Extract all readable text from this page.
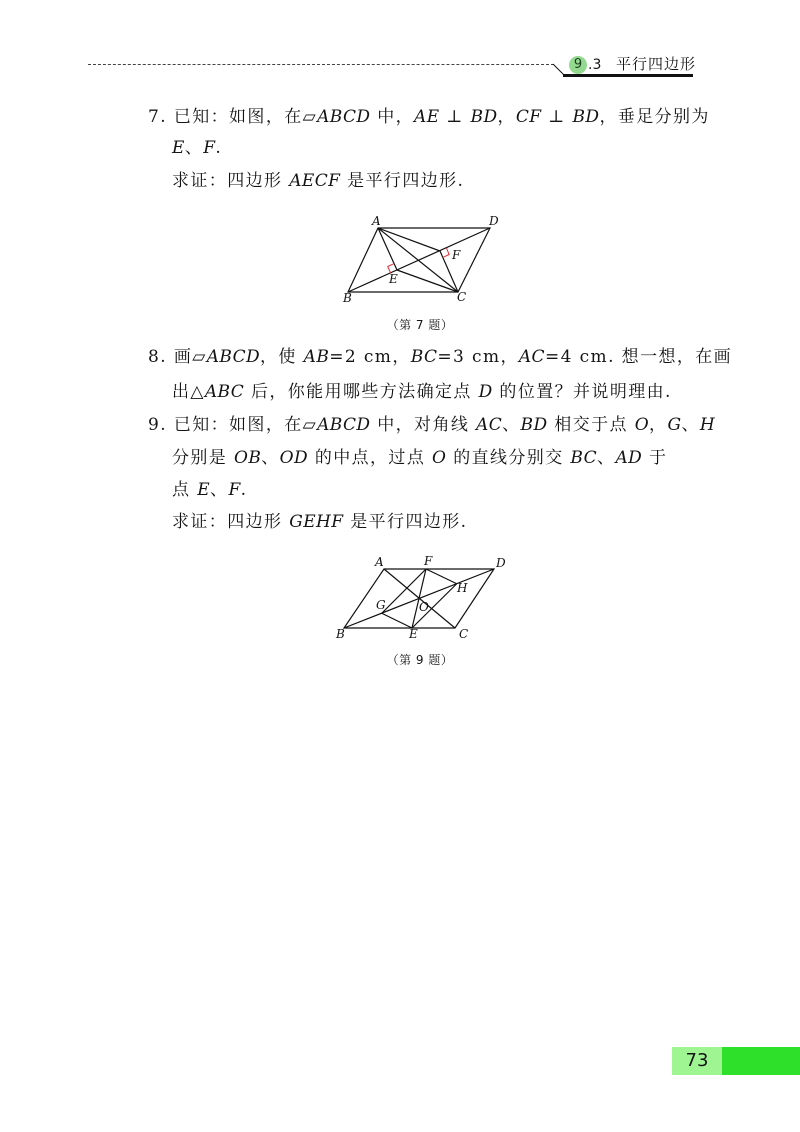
9 .3 平行四边形
7. 已知：如图，在▱ABCD 中，AE ⊥ BD，CF ⊥ BD，垂足分别为
E、F.
求证：四边形 AECF 是平行四边形.
A	D
F
E
B	C
（第 7 题）
8. 画▱ABCD，使 AB=2 cm，BC=3 cm，AC=4 cm. 想一想，在画
出△ABC 后，你能用哪些方法确定点 D 的位置？并说明理由.
9. 已知：如图，在▱ABCD 中，对角线 AC、BD 相交于点 O，G、H
分别是 OB、OD 的中点，过点 O 的直线分别交 BC、AD 于
点 E、F.
求证：四边形 GEHF 是平行四边形.
A	F	D
H
G	O
B	E	C
（第 9 题）
73
